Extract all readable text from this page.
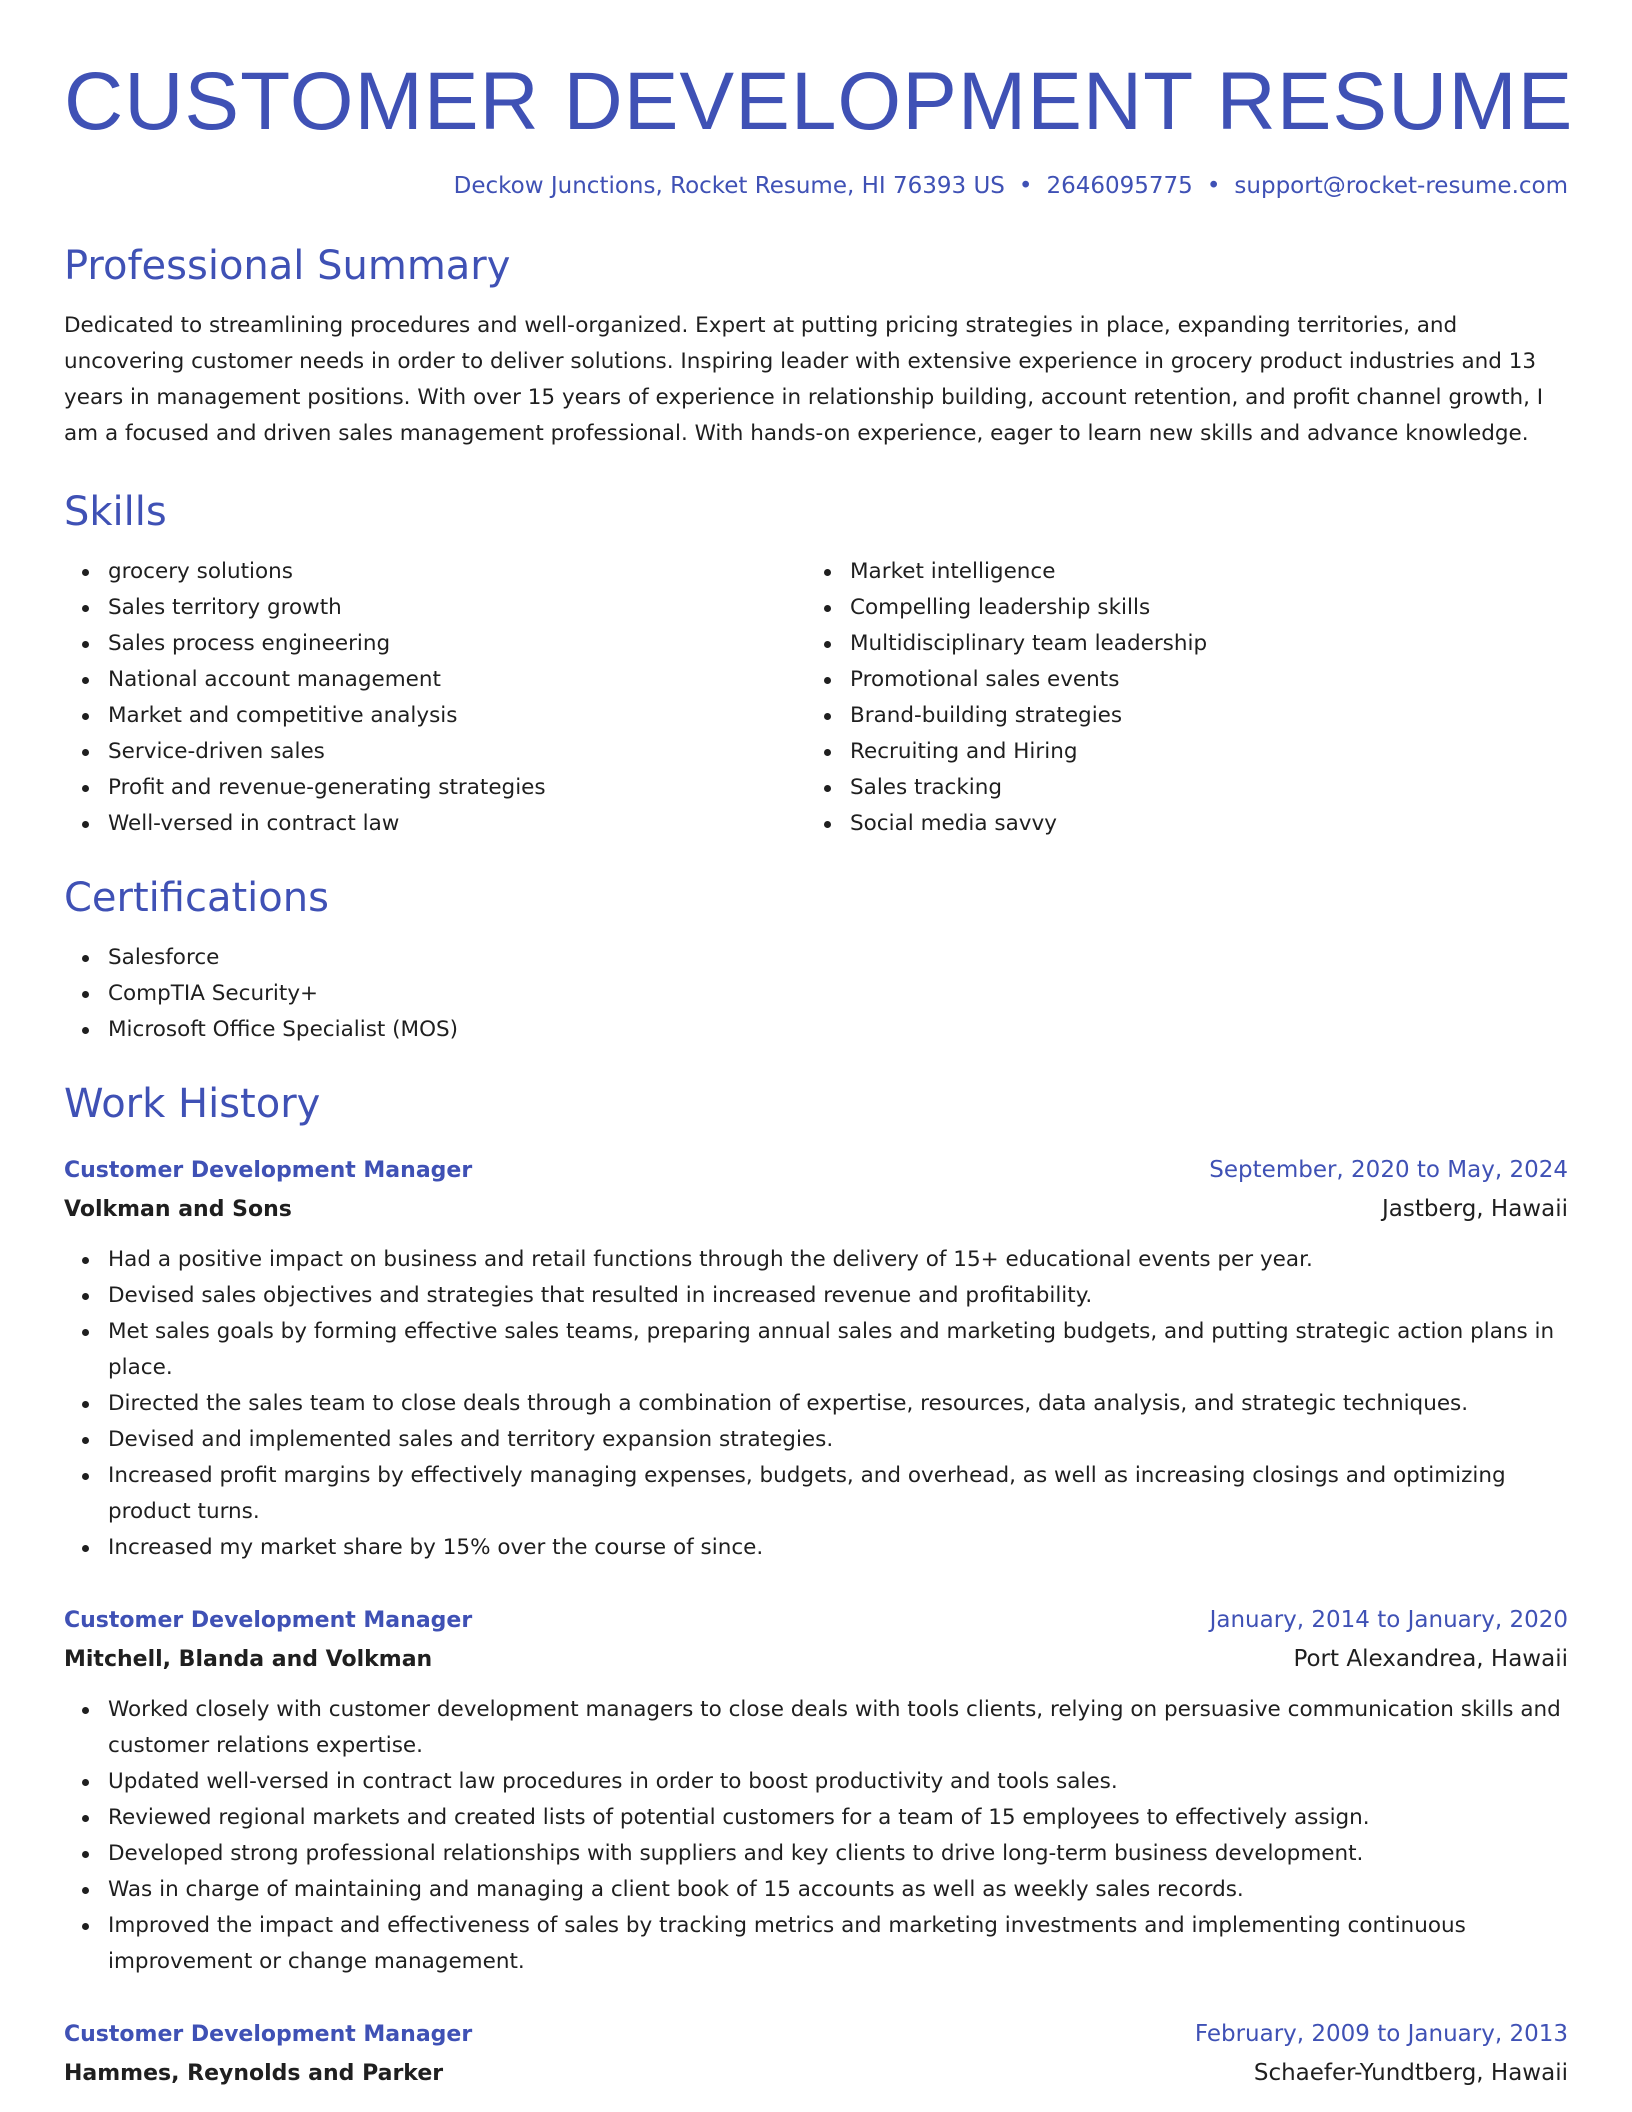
CUSTOMER DEVELOPMENT RESUME
Deckow Junctions, Rocket Resume, HI 76393 US • 2646095775 • support@rocket-resume.com
Professional Summary

Dedicated to streamlining procedures and well-organized. Expert at putting pricing strategies in place, expanding territories, and uncovering customer needs in order to deliver solutions. Inspiring leader with extensive experience in grocery product industries and 13 years in management positions. With over 15 years of experience in relationship building, account retention, and profit channel growth, I am a focused and driven sales management professional. With hands-on experience, eager to learn new skills and advance knowledge.

Skills
grocery solutions
Sales territory growth
Sales process engineering
National account management
Market and competitive analysis
Service-driven sales
Profit and revenue-generating strategies
Well-versed in contract law
Market intelligence
Compelling leadership skills
Multidisciplinary team leadership
Promotional sales events
Brand-building strategies
Recruiting and Hiring
Sales tracking
Social media savvy
Certifications
Salesforce
CompTIA Security+
Microsoft Office Specialist (MOS)
Work History
Customer Development Manager	September, 2020 to May, 2024
Volkman and Sons	Jastberg, Hawaii
Had a positive impact on business and retail functions through the delivery of 15+ educational events per year.
Devised sales objectives and strategies that resulted in increased revenue and profitability.
Met sales goals by forming effective sales teams, preparing annual sales and marketing budgets, and putting strategic action plans in place.
Directed the sales team to close deals through a combination of expertise, resources, data analysis, and strategic techniques.
Devised and implemented sales and territory expansion strategies.
Increased profit margins by effectively managing expenses, budgets, and overhead, as well as increasing closings and optimizing product turns.
Increased my market share by 15% over the course of since.
Customer Development Manager	January, 2014 to January, 2020
Mitchell, Blanda and Volkman	Port Alexandrea, Hawaii
Worked closely with customer development managers to close deals with tools clients, relying on persuasive communication skills and customer relations expertise.
Updated well-versed in contract law procedures in order to boost productivity and tools sales.
Reviewed regional markets and created lists of potential customers for a team of 15 employees to effectively assign.
Developed strong professional relationships with suppliers and key clients to drive long-term business development.
Was in charge of maintaining and managing a client book of 15 accounts as well as weekly sales records.
Improved the impact and effectiveness of sales by tracking metrics and marketing investments and implementing continuous improvement or change management.
Customer Development Manager	February, 2009 to January, 2013
Hammes, Reynolds and Parker	Schaefer-Yundtberg, Hawaii
